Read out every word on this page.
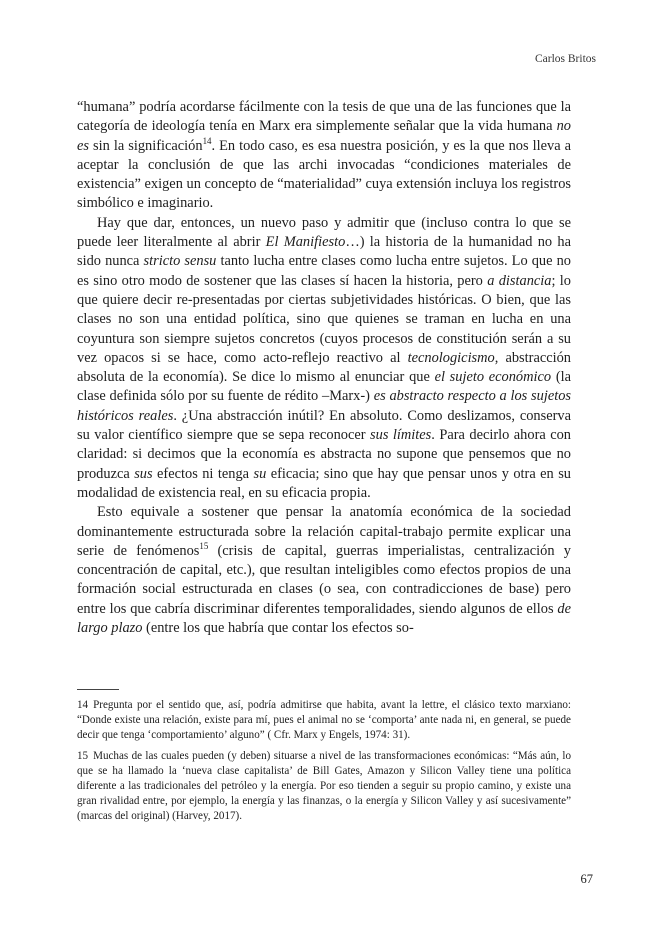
Carlos Britos

“humana” podría acordarse fácilmente con la tesis de que una de las funciones que la categoría de ideología tenía en Marx era simplemente señalar que la vida humana no es sin la significación$^{14}$. En todo caso, es esa nuestra posición, y es la que nos lleva a aceptar la conclusión de que las archi invocadas “condiciones materiales de existencia” exigen un concepto de “materialidad” cuya extensión incluya los registros simbólico e imaginario.

Hay que dar, entonces, un nuevo paso y admitir que (incluso contra lo que se puede leer literalmente al abrir El Manifiesto…) la historia de la humanidad no ha sido nunca stricto sensu tanto lucha entre clases como lucha entre sujetos. Lo que no es sino otro modo de sostener que las clases sí hacen la historia, pero a distancia; lo que quiere decir re-presentadas por ciertas subjetividades históricas. O bien, que las clases no son una entidad política, sino que quienes se traman en lucha en una coyuntura son siempre sujetos concretos (cuyos procesos de constitución serán a su vez opacos si se hace, como acto-reflejo reactivo al tecnologicismo, abstracción absoluta de la economía). Se dice lo mismo al enunciar que el sujeto económico (la clase definida sólo por su fuente de rédito –Marx-) es abstracto respecto a los sujetos históricos reales. ¿Una abstracción inútil? En absoluto. Como deslizamos, conserva su valor científico siempre que se sepa reconocer sus límites. Para decirlo ahora con claridad: si decimos que la economía es abstracta no supone que pensemos que no produzca sus efectos ni tenga su eficacia; sino que hay que pensar unos y otra en su modalidad de existencia real, en su eficacia propia.

Esto equivale a sostener que pensar la anatomía económica de la sociedad dominantemente estructurada sobre la relación capital-trabajo permite explicar una serie de fenómenos$^{15}$ (crisis de capital, guerras imperialistas, centralización y concentración de capital, etc.), que resultan inteligibles como efectos propios de una formación social estructurada en clases (o sea, con contradicciones de base) pero entre los que cabría discriminar diferentes temporalidades, siendo algunos de ellos de largo plazo (entre los que habría que contar los efectos so-

14 Pregunta por el sentido que, así, podría admitirse que habita, avant la lettre, el clásico texto marxiano: “Donde existe una relación, existe para mí, pues el animal no se ‘comporta’ ante nada ni, en general, se puede decir que tenga ‘comportamiento’ alguno” ( Cfr. Marx y Engels, 1974: 31).

15 Muchas de las cuales pueden (y deben) situarse a nivel de las transformaciones económicas: “Más aún, lo que se ha llamado la ‘nueva clase capitalista’ de Bill Gates, Amazon y Silicon Valley tiene una política diferente a las tradicionales del petróleo y la energía. Por eso tienden a seguir su propio camino, y existe una gran rivalidad entre, por ejemplo, la energía y las finanzas, o la energía y Silicon Valley y así sucesivamente” (marcas del original) (Harvey, 2017).

67
